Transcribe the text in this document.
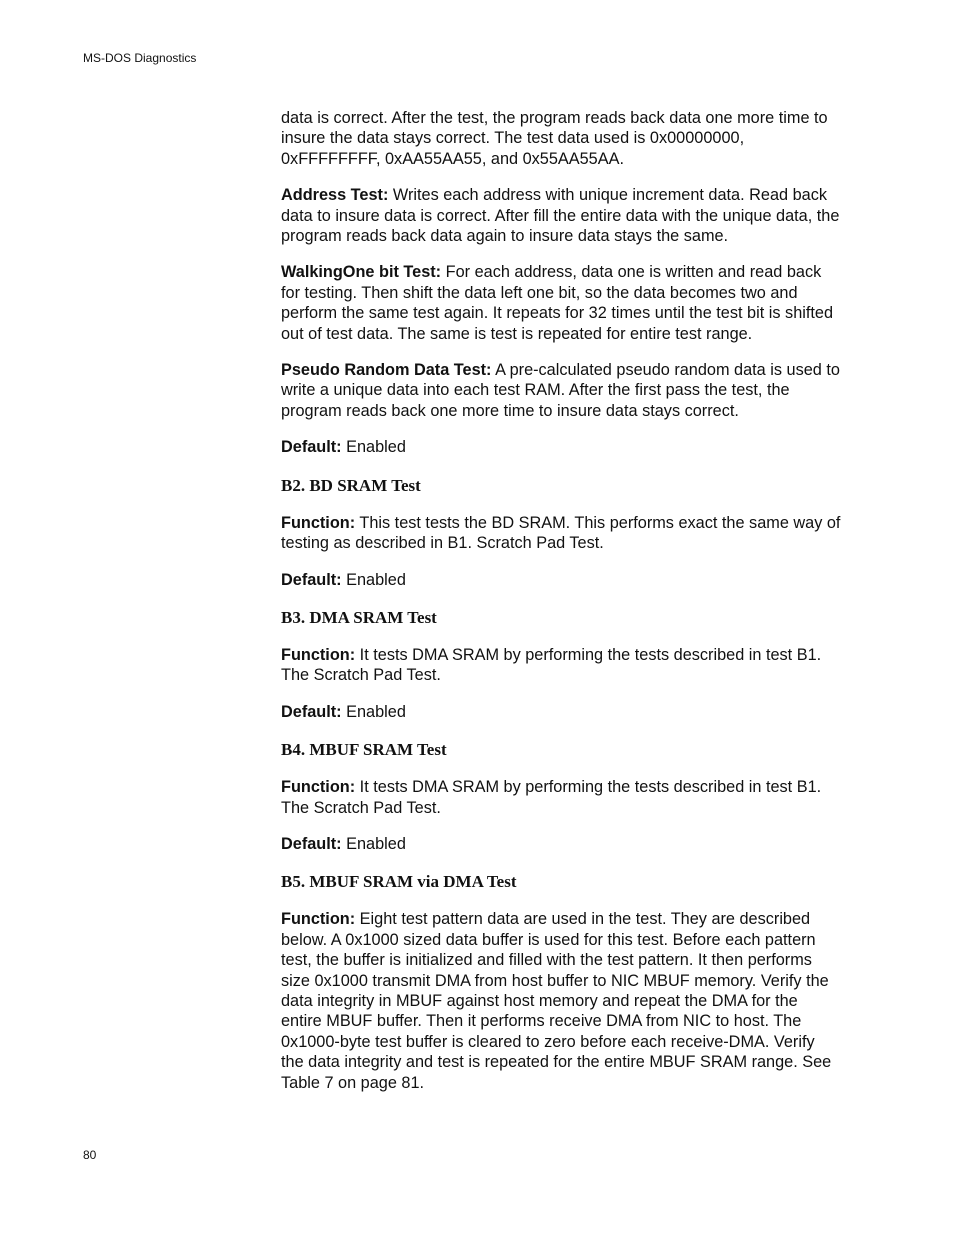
MS-DOS Diagnostics

data is correct. After the test, the program reads back data one more time to insure the data stays correct. The test data used is 0x00000000, 0xFFFFFFFF, 0xAA55AA55, and 0x55AA55AA.

Address Test: Writes each address with unique increment data. Read back data to insure data is correct. After fill the entire data with the unique data, the program reads back data again to insure data stays the same.

WalkingOne bit Test: For each address, data one is written and read back for testing. Then shift the data left one bit, so the data becomes two and perform the same test again. It repeats for 32 times until the test bit is shifted out of test data. The same is test is repeated for entire test range.

Pseudo Random Data Test: A pre-calculated pseudo random data is used to write a unique data into each test RAM. After the first pass the test, the program reads back one more time to insure data stays correct.

Default: Enabled

B2. BD SRAM Test

Function: This test tests the BD SRAM. This performs exact the same way of testing as described in B1. Scratch Pad Test.

Default: Enabled

B3. DMA SRAM Test

Function: It tests DMA SRAM by performing the tests described in test B1. The Scratch Pad Test.

Default: Enabled

B4. MBUF SRAM Test

Function: It tests DMA SRAM by performing the tests described in test B1. The Scratch Pad Test.

Default: Enabled

B5. MBUF SRAM via DMA Test

Function: Eight test pattern data are used in the test. They are described below. A 0x1000 sized data buffer is used for this test. Before each pattern test, the buffer is initialized and filled with the test pattern. It then performs size 0x1000 transmit DMA from host buffer to NIC MBUF memory. Verify the data integrity in MBUF against host memory and repeat the DMA for the entire MBUF buffer. Then it performs receive DMA from NIC to host. The 0x1000-byte test buffer is cleared to zero before each receive-DMA. Verify the data integrity and test is repeated for the entire MBUF SRAM range. See Table 7 on page 81.

80
